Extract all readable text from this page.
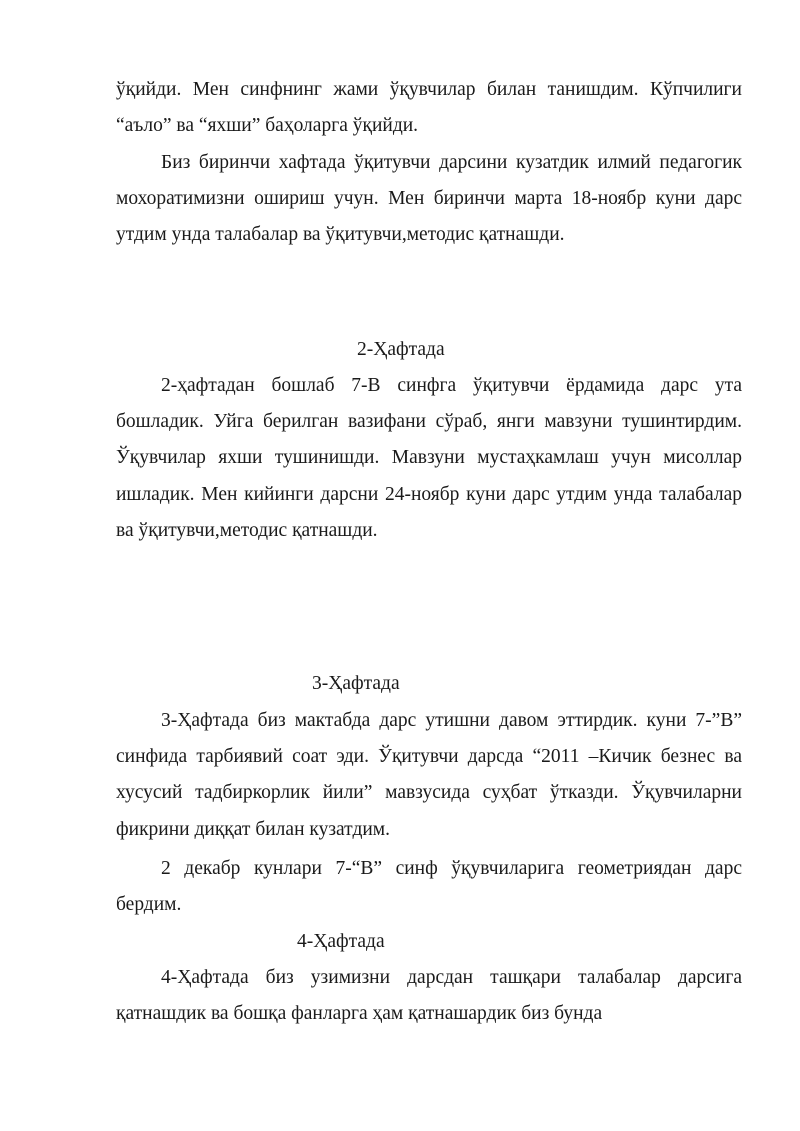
ўқийди. Мен синфнинг жами ўқувчилар билан танишдим. Кўпчилиги “аъло” ва “яхши” баҳоларга ўқийди.

Биз биринчи хафтада ўқитувчи дарсини кузатдик илмий педагогик мохоратимизни ошириш учун. Мен биринчи марта 18-ноябр куни дарс утдим унда талабалар ва ўқитувчи,методис қатнашди.

2-Ҳафтада

2-ҳафтадан бошлаб 7-В синфга ўқитувчи ёрдамида дарс ута бошладик. Уйга берилган вазифани сўраб, янги мавзуни тушинтирдим. Ўқувчилар яхши тушинишди. Мавзуни мустаҳкамлаш учун мисоллар ишладик. Мен кийинги дарсни 24-ноябр куни дарс утдим унда талабалар ва ўқитувчи,методис қатнашди.

3-Ҳафтада

3-Ҳафтада биз мактабда дарс утишни давом эттирдик. куни 7-”В” синфида тарбиявий соат эди. Ўқитувчи дарсда “2011 –Кичик безнес ва хусусий тадбиркорлик йили” мавзусида суҳбат ўтказди. Ўқувчиларни фикрини диққат билан кузатдим.

2 декабр кунлари 7-“В” синф ўқувчиларига геометриядан дарс бердим.

4-Ҳафтада

4-Ҳафтада биз узимизни дарсдан ташқари талабалар дарсига қатнашдик ва бошқа фанларга ҳам қатнашардик биз бунда
